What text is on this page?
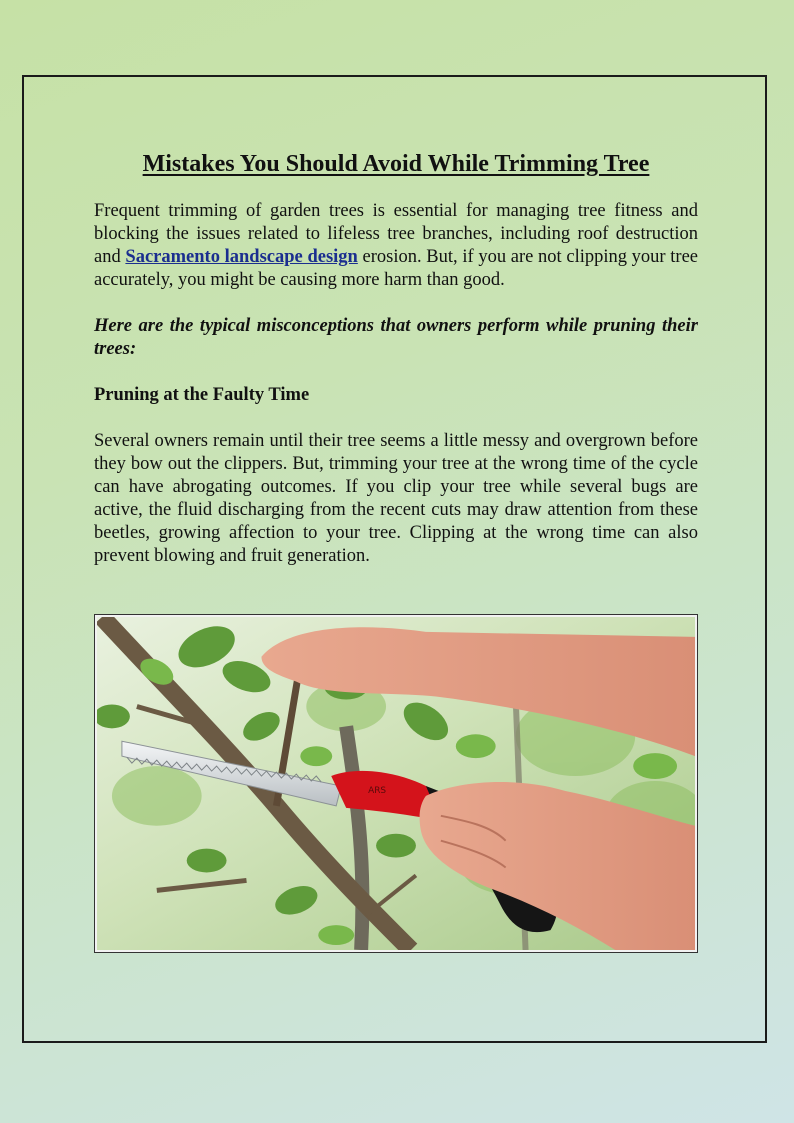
Mistakes You Should Avoid While Trimming Tree

Frequent trimming of garden trees is essential for managing tree fitness and blocking the issues related to lifeless tree branches, including roof destruction and Sacramento landscape design erosion. But, if you are not clipping your tree accurately, you might be causing more harm than good.

Here are the typical misconceptions that owners perform while pruning their trees:

Pruning at the Faulty Time

Several owners remain until their tree seems a little messy and overgrown before they bow out the clippers. But, trimming your tree at the wrong time of the cycle can have abrogating outcomes. If you clip your tree while several bugs are active, the fluid discharging from the recent cuts may draw attention from these beetles, growing affection to your tree. Clipping at the wrong time can also prevent blowing and fruit generation.

ARS
